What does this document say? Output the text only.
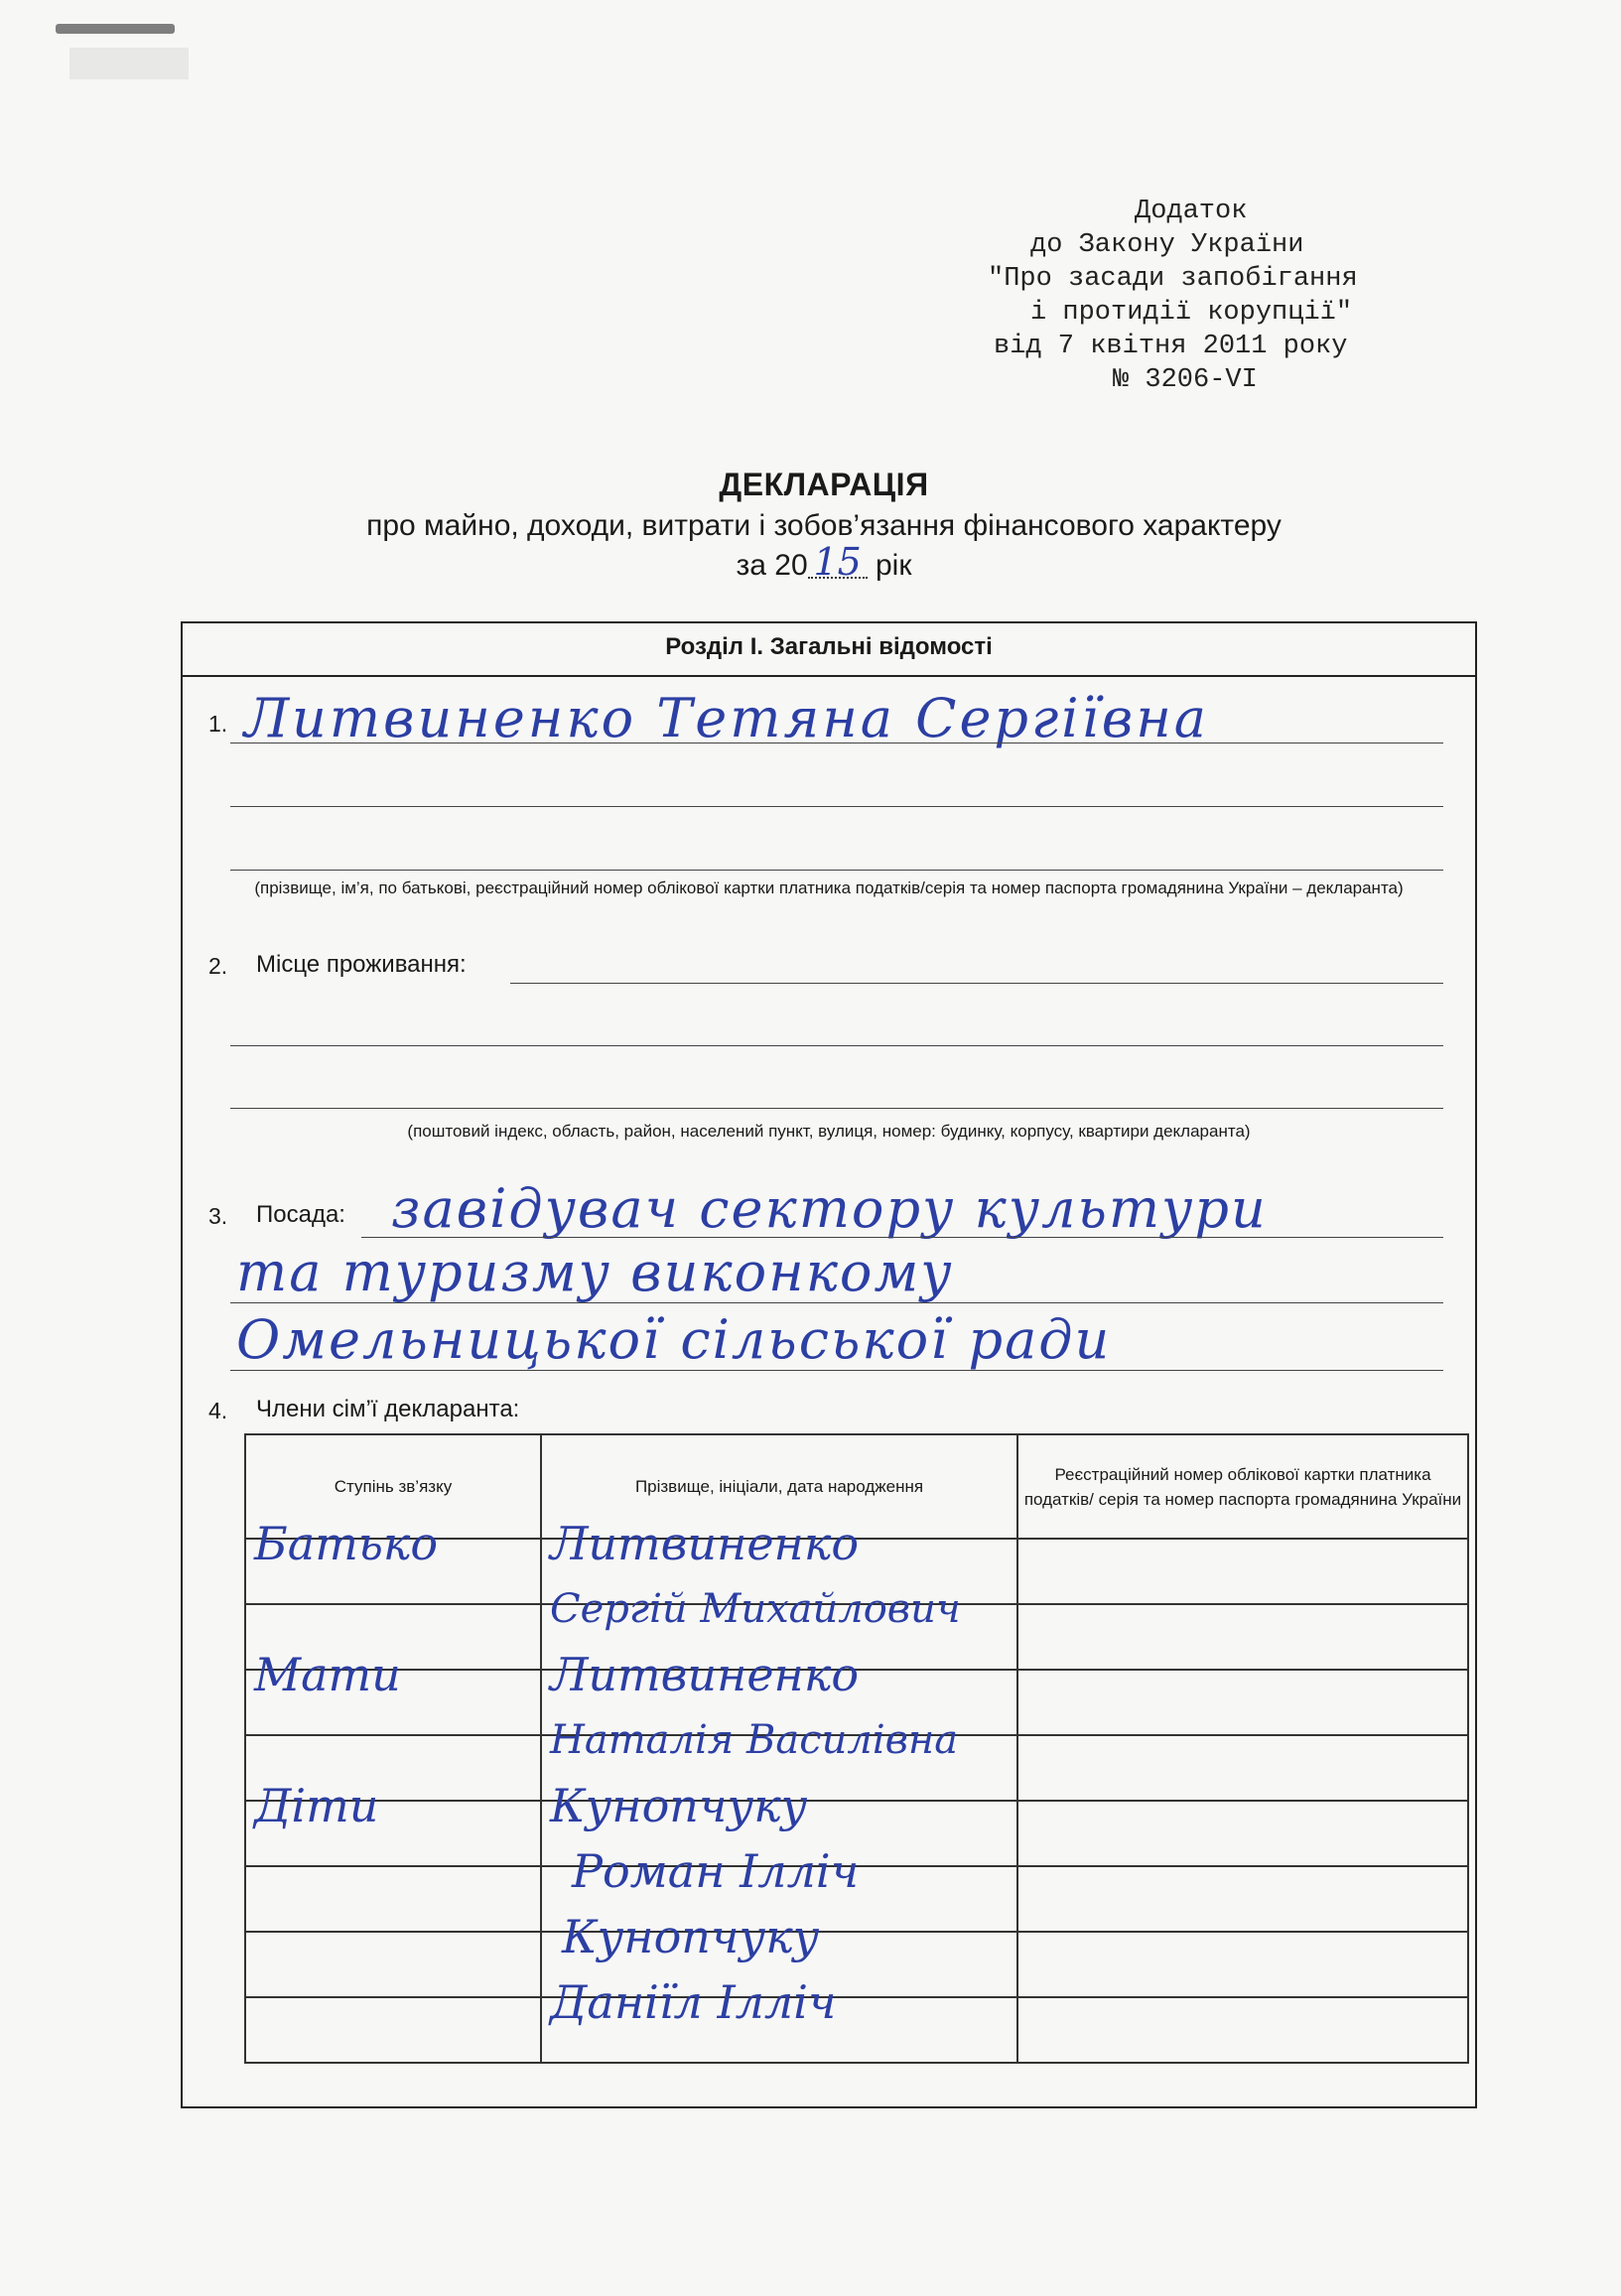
Додаток
до Закону України
"Про засади запобігання
і протидії корупції"
від 7 квітня 2011 року
№ 3206-VI

ДЕКЛАРАЦІЯ

про майно, доходи, витрати і зобов’язання фінансового характеру

за 20 15 рік

Розділ І. Загальні відомості
1. Литвиненко Тетяна Сергіївна
(прізвище, ім’я, по батькові, реєстраційний номер облікової картки платника податків/серія та номер паспорта громадянина України – декларанта)
2. Місце проживання:
(поштовий індекс, область, район, населений пункт, вулиця, номер: будинку, корпусу, квартири декларанта)
3. Посада: завідувач сектору культури
та туризму виконкому
Омельницької сільської ради
4. Члени сім’ї декларанта:
Ступінь зв’язку	Прізвище, ініціали, дата народження	Реєстраційний номер облікової картки платника податків/ серія та номер паспорта громадянина України

Батько	Литвиненко	

	Сергій Михайлович	

Мати	Литвиненко	

	Наталія Василівна	

Діти	Кунопчуку	

	Роман Ілліч	

	Кунопчуку	

	Даніїл Ілліч	
